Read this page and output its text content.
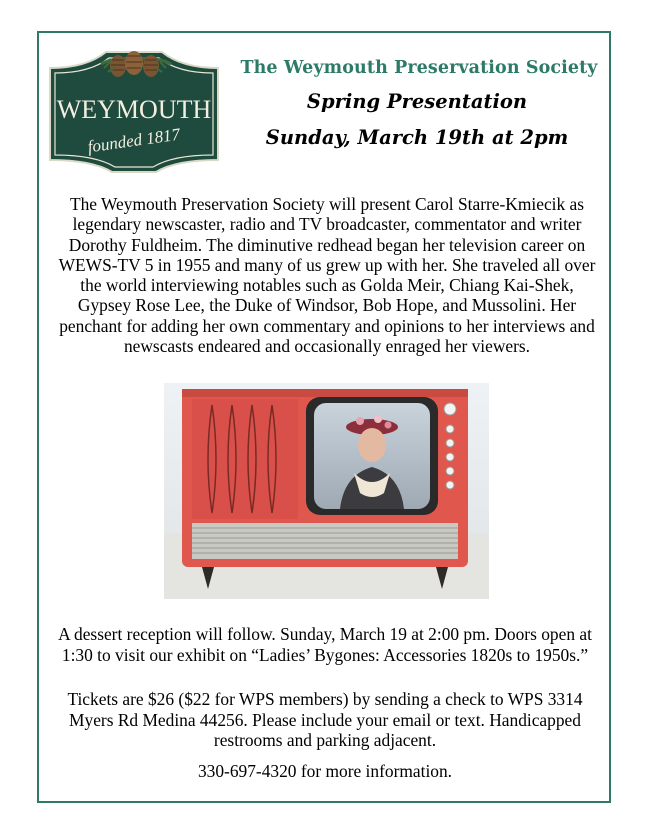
WEYMOUTH
founded 1817
The Weymouth Preservation Society
Spring Presentation
Sunday, March 19th at 2pm
The Weymouth Preservation Society will present Carol Starre-Kmiecik as legendary newscaster, radio and TV broadcaster, commentator and writer Dorothy Fuldheim. The diminutive redhead began her television career on WEWS-TV 5 in 1955 and many of us grew up with her. She traveled all over the world interviewing notables such as Golda Meir, Chiang Kai-Shek, Gypsey Rose Lee, the Duke of Windsor, Bob Hope, and Mussolini. Her penchant for adding her own commentary and opinions to her interviews and newscasts endeared and occasionally enraged her viewers.
A dessert reception will follow. Sunday, March 19 at 2:00 pm. Doors open at 1:30 to visit our exhibit on “Ladies’ Bygones: Accessories 1820s to 1950s.”
Tickets are $26 ($22 for WPS members) by sending a check to WPS 3314 Myers Rd Medina 44256. Please include your email or text. Handicapped restrooms and parking adjacent.
330-697-4320 for more information.
